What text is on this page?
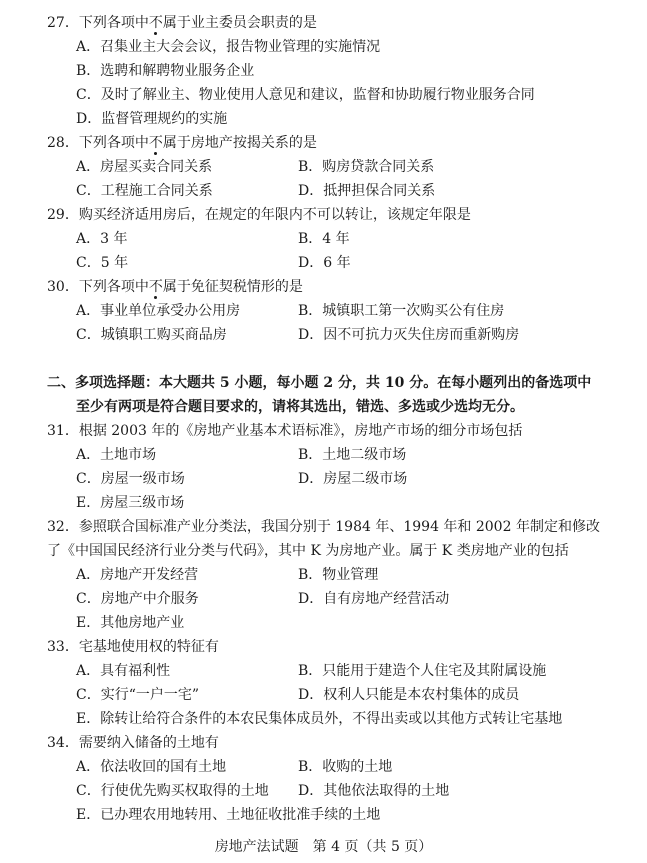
27．下列各项中不属于业主委员会职责的是
A．召集业主大会会议，报告物业管理的实施情况
B．选聘和解聘物业服务企业
C．及时了解业主、物业使用人意见和建议，监督和协助履行物业服务合同
D．监督管理规约的实施
28．下列各项中不属于房地产按揭关系的是
A．房屋买卖合同关系	B．购房贷款合同关系
C．工程施工合同关系	D．抵押担保合同关系
29．购买经济适用房后，在规定的年限内不可以转让，该规定年限是
A．3 年	B．4 年
C．5 年	D．6 年
30．下列各项中不属于免征契税情形的是
A．事业单位承受办公用房	B．城镇职工第一次购买公有住房
C．城镇职工购买商品房	D．因不可抗力灭失住房而重新购房
二、多项选择题：本大题共 5 小题，每小题 2 分，共 10 分。在每小题列出的备选项中
至少有两项是符合题目要求的，请将其选出，错选、多选或少选均无分。
31．根据 2003 年的《房地产业基本术语标准》，房地产市场的细分市场包括
A．土地市场	B．土地二级市场
C．房屋一级市场	D．房屋二级市场
E．房屋三级市场
32．参照联合国标准产业分类法，我国分别于 1984 年、1994 年和 2002 年制定和修改
了《中国国民经济行业分类与代码》，其中 K 为房地产业。属于 K 类房地产业的包括
A．房地产开发经营	B．物业管理
C．房地产中介服务	D．自有房地产经营活动
E．其他房地产业
33．宅基地使用权的特征有
A．具有福利性	B．只能用于建造个人住宅及其附属设施
C．实行“一户一宅”	D．权利人只能是本农村集体的成员
E．除转让给符合条件的本农民集体成员外，不得出卖或以其他方式转让宅基地
34．需要纳入储备的土地有
A．依法收回的国有土地	B．收购的土地
C．行使优先购买权取得的土地 D．其他依法取得的土地
E．已办理农用地转用、土地征收批准手续的土地
房地产法试题　第 4 页（共 5 页）
